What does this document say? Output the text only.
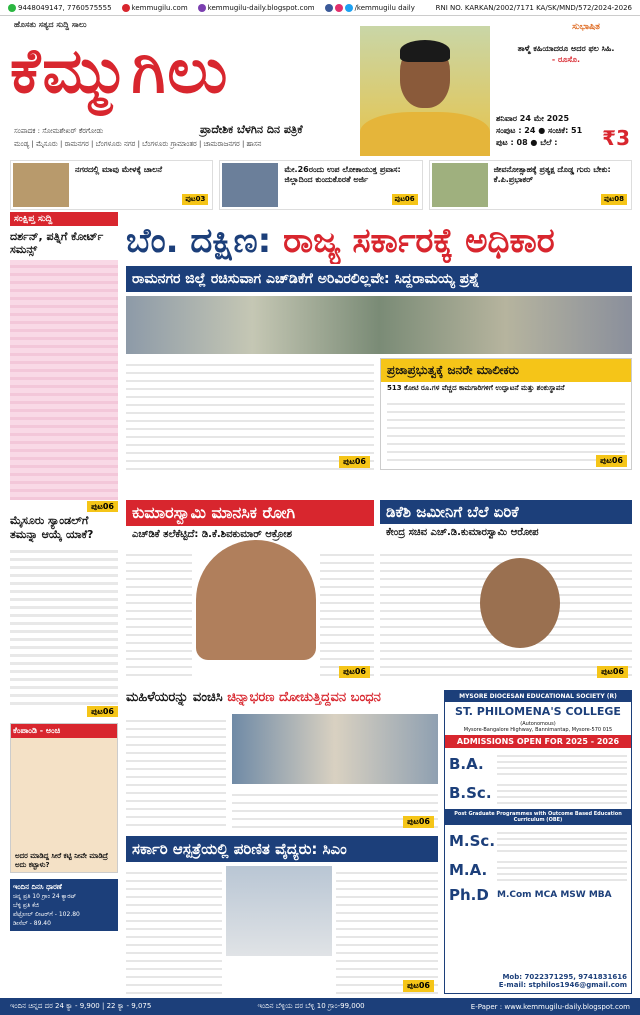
9448049147, 7760575555	kemmugilu.com	kemmugilu-daily.blogspot.com	/kemmugilu daily	RNI NO. KARKAN/2002/7171 KA/SK/MND/572/2024-2026
ಹೊಸತು ಸತ್ಯದ ಸುದ್ದಿ ಸಾಲು
ಕೆಮ್ಮುಗಿಲು
ಪ್ರಾದೇಶಿಕ ಬೆಳಗಿನ ದಿನ ಪತ್ರಿಕೆ
ಸಂಪಾದಕ : ಸೋಮಶೇಖರ್ ಕೆರಗೋಡು
ಮಂಡ್ಯ | ಮೈಸೂರು | ರಾಮನಗರ | ಬೆಂಗಳೂರು ನಗರ | ಬೆಂಗಳೂರು ಗ್ರಾಮಾಂತರ | ಚಾಮರಾಜನಗರ | ಹಾಸನ
ಸುಭಾಷಿತ
ತಾಳ್ಮೆ ಕಹಿಯಾದರೂ ಅದರ ಫಲ ಸಿಹಿ.
- ರೂಸೊ.
ಶನಿವಾರ 24 ಮೇ 2025
ಸಂಪುಟ : 24 ● ಸಂಚಿಕೆ: 51
ಪುಟ : 08 ● ಬೆಲೆ :	₹3
ನಗರದಲ್ಲಿ ಮಾವು ಮೇಳಕ್ಕೆ ಚಾಲನೆ
ಪುಟ03
ಮೇ.26ರಂದು ಉಪ ಲೋಕಾಯುಕ್ತ ಪ್ರವಾಸ: ಜಿಲ್ಲಾದಿಂದ ಕುಂದುಕೊರತೆ ಅರ್ಜಿ
ಪುಟ06
ಜೀವನೋತ್ಸಾಹಕ್ಕೆ ಪ್ರತ್ಯಕ್ಷ ದೊಡ್ಡ ಗುರು ಬೇಕು: ಕೆ.ಪಿ.ಪ್ರಭಾಕರ್
ಪುಟ08
ಸಂಕ್ಷಿಪ್ತ ಸುದ್ದಿ
ದರ್ಶನ್, ಪತ್ನಿಗೆ ಕೋರ್ಟ್ ಸಮನ್ಸ್
ಪುಟ06
ಮೈಸೂರು ಸ್ಯಾಂಡಲ್‌ಗೆ ತಮನ್ನಾ ಆಯ್ಕೆ ಯಾಕೆ?
ಪುಟ06
ಕೆಂಪಾಂಡಿ - ಅಂಚಿ
ಅದರ ಮಾಡಿದ್ದ ಸೀರೆ ಕಟ್ಟಿ ನೀವೇ ಮಾಡಿದ್ರೆ ಅದು ಕಟ್ಟಾಳು?
ಇಂದಿನ ದಿನಸಿ ಧಾರಣೆ
ಚಿನ್ನ ಪ್ರತಿ 10 ಗ್ರಾಂ 24 ಕ್ಯಾರಟ್
ಬೆಳ್ಳಿ ಪ್ರತಿ ಕೆಜಿ
ಪೆಟ್ರೋಲ್ ಲೀಟರ್‌ಗೆ - 102.80
ಡೀಸೆಲ್ - 89.40
ಬೆಂ. ದಕ್ಷಿಣ: ರಾಜ್ಯ ಸರ್ಕಾರಕ್ಕೆ ಅಧಿಕಾರ
ರಾಮನಗರ ಜಿಲ್ಲೆ ರಚಿಸುವಾಗ ಎಚ್‌ಡಿಕೆಗೆ ಅರಿವಿರಲಿಲ್ಲವೇ: ಸಿದ್ದರಾಮಯ್ಯ ಪ್ರಶ್ನೆ
ಪುಟ06
ಪ್ರಜಾಪ್ರಭುತ್ವಕ್ಕೆ ಜನರೇ ಮಾಲೀಕರು
513 ಕೋಟಿ ರೂ.ಗಳ ವೆಚ್ಚದ ಕಾಮಗಾರಿಗಳಿಗೆ ಉದ್ಘಾಟನೆ ಮತ್ತು ಶಂಕುಸ್ಥಾಪನೆ
ಪುಟ06
ಕುಮಾರಸ್ವಾಮಿ ಮಾನಸಿಕ ರೋಗಿ
ಎಚ್‌ಡಿಕೆ ತಲೆಕೆಟ್ಟಿದೆ: ಡಿ.ಕೆ.ಶಿವಕುಮಾರ್ ಆಕ್ರೋಶ
ಪುಟ06
ಡಿಕೆಶಿ ಜಮೀನಿಗೆ ಬೆಲೆ ಏರಿಕೆ
ಕೇಂದ್ರ ಸಚಿವ ಎಚ್.ಡಿ.ಕುಮಾರಸ್ವಾಮಿ ಆರೋಪ
ಪುಟ06
ಮಹಿಳೆಯರನ್ನು ವಂಚಿಸಿ ಚಿನ್ನಾಭರಣ ದೋಚುತ್ತಿದ್ದವನ ಬಂಧನ
ಪುಟ06
ಸರ್ಕಾರಿ ಆಸ್ಪತ್ರೆಯಲ್ಲಿ ಪರಿಣಿತ ವೈದ್ಯರು: ಸಿಎಂ
ಪುಟ06
MYSORE DIOCESAN EDUCATIONAL SOCIETY (R)
ST. PHILOMENA'S COLLEGE
(Autonomous)
Mysore-Bangalore Highway, Bannimantap, Mysore-570 015
ADMISSIONS OPEN FOR 2025 - 2026
B.A.
B.Sc.
Post Graduate Programmes with Outcome Based Education Curriculum (OBE)
M.Sc.
M.A.
Ph.D M.Com MCA MSW MBA
Mob: 7022371295, 9741831616
E-mail: stphilos1946@gmail.com
ಇಂದಿನ ಚಿನ್ನದ ದರ 24 ಕ್ಯಾ - 9,900 | 22 ಕ್ಯಾ - 9,075	ಇಂದಿನ ಬೆಳ್ಳಿಯ ದರ ಬೆಳ್ಳಿ 10 ಗ್ರಾಂ-99,000	E-Paper : www.kemmugilu-daily.blogspot.com
